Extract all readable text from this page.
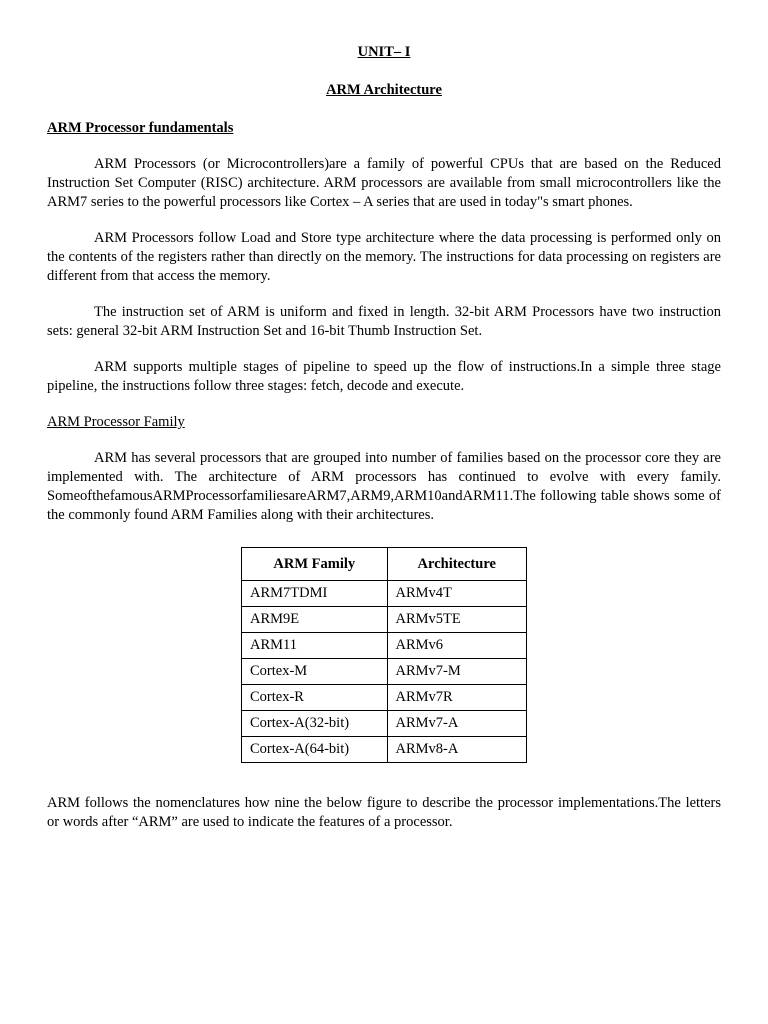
UNIT– I
ARM Architecture
ARM Processor fundamentals

ARM Processors (or Microcontrollers)are a family of powerful CPUs that are based on the Reduced Instruction Set Computer (RISC) architecture. ARM processors are available from small microcontrollers like the ARM7 series to the powerful processors like Cortex – A series that are used in today"s smart phones.

ARM Processors follow Load and Store type architecture where the data processing is performed only on the contents of the registers rather than directly on the memory. The instructions for data processing on registers are different from that access the memory.

The instruction set of ARM is uniform and fixed in length. 32-bit ARM Processors have two instruction sets: general 32-bit ARM Instruction Set and 16-bit Thumb Instruction Set.

ARM supports multiple stages of pipeline to speed up the flow of instructions.In a simple three stage pipeline, the instructions follow three stages: fetch, decode and execute.

ARM Processor Family

ARM has several processors that are grouped into number of families based on the processor core they are implemented with. The architecture of ARM processors has continued to evolve with every family. SomeofthefamousARMProcessorfamiliesareARM7,ARM9,ARM10andARM11.The following table shows some of the commonly found ARM Families along with their architectures.

ARM Family	Architecture
ARM7TDMI	ARMv4T
ARM9E	ARMv5TE
ARM11	ARMv6
Cortex-M	ARMv7-M
Cortex-R	ARMv7R
Cortex-A(32-bit)	ARMv7-A
Cortex-A(64-bit)	ARMv8-A

ARM follows the nomenclatures how nine the below figure to describe the processor implementations.The letters or words after “ARM” are used to indicate the features of a processor.
